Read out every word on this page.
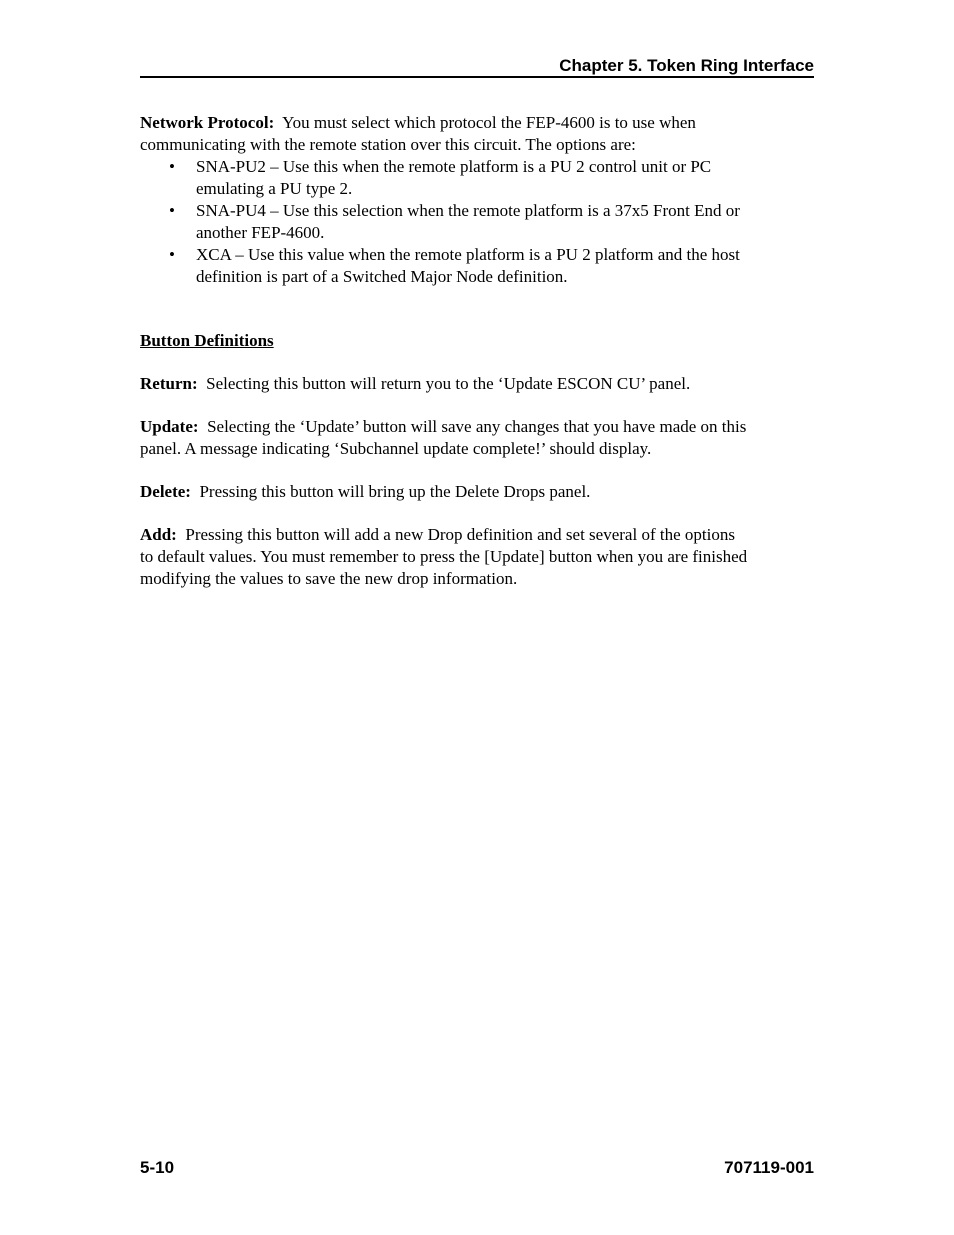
Chapter 5. Token Ring Interface

Network Protocol: You must select which protocol the FEP-4600 is to use when
communicating with the remote station over this circuit. The options are:

• SNA-PU2 – Use this when the remote platform is a PU 2 control unit or PC
emulating a PU type 2.
• SNA-PU4 – Use this selection when the remote platform is a 37x5 Front End or
another FEP-4600.
• XCA – Use this value when the remote platform is a PU 2 platform and the host
definition is part of a Switched Major Node definition.

Button Definitions

Return: Selecting this button will return you to the ‘Update ESCON CU’ panel.

Update: Selecting the ‘Update’ button will save any changes that you have made on this
panel. A message indicating ‘Subchannel update complete!’ should display.

Delete: Pressing this button will bring up the Delete Drops panel.

Add: Pressing this button will add a new Drop definition and set several of the options
to default values. You must remember to press the [Update] button when you are finished
modifying the values to save the new drop information.

5-10	707119-001
